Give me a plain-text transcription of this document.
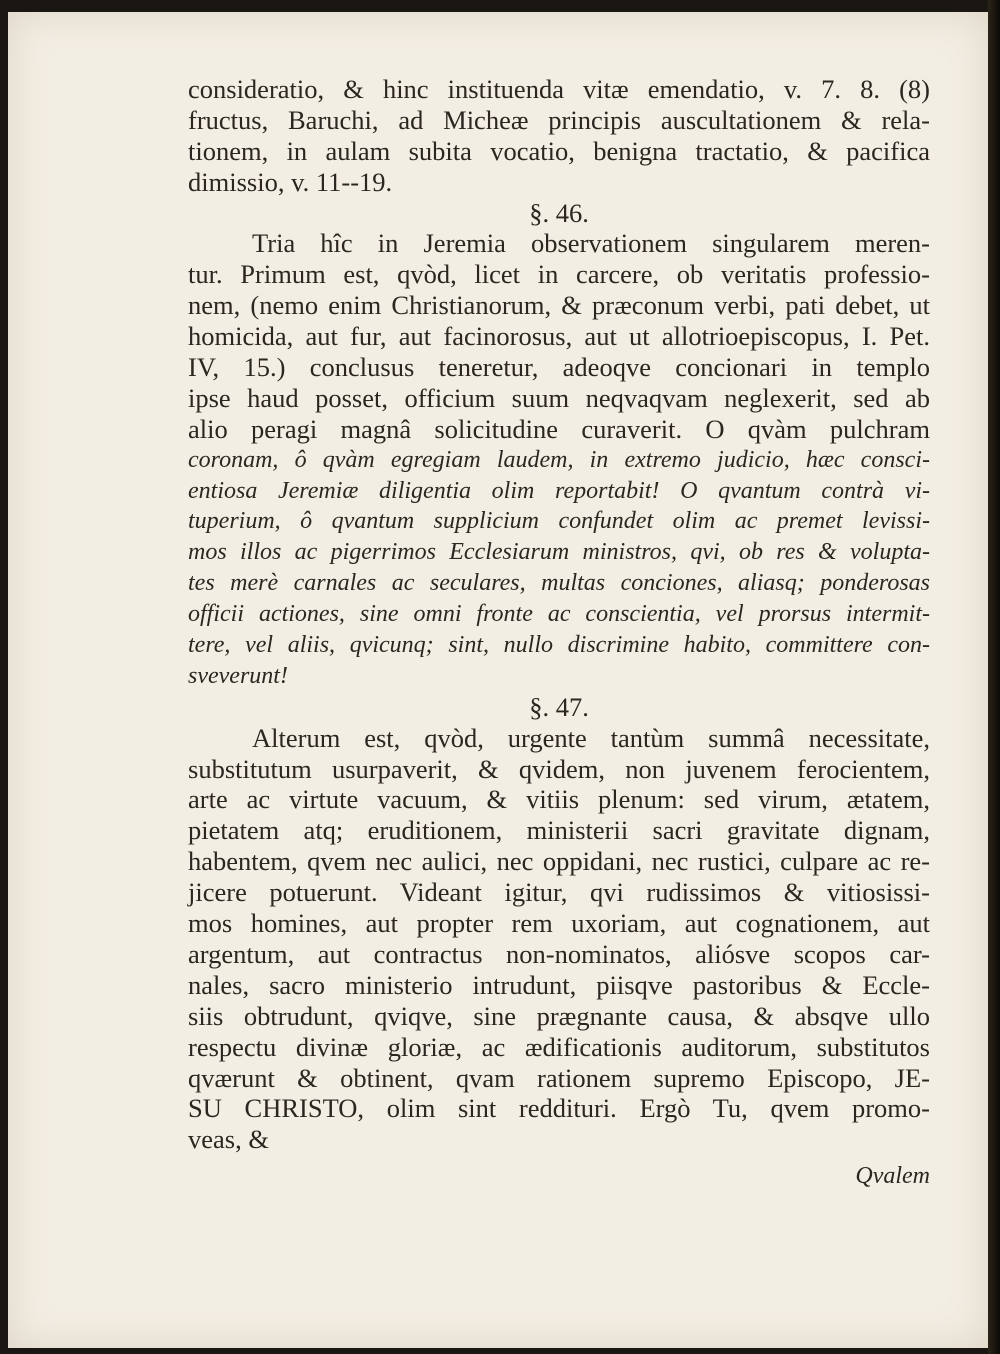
consideratio, & hinc instituenda vitæ emendatio, v. 7. 8. (8)
fructus, Baruchi, ad Micheæ principis auscultationem & rela-
tionem, in aulam subita vocatio, benigna tractatio, & pacifica
dimissio, v. 11--19.
§. 46.
Tria hîc in Jeremia observationem singularem meren-
tur. Primum est, qvòd, licet in carcere, ob veritatis professio-
nem, (nemo enim Christianorum, & præconum verbi, pati debet, ut
homicida, aut fur, aut facinorosus, aut ut allotrioepiscopus, I. Pet.
IV, 15.) conclusus teneretur, adeoqve concionari in templo
ipse haud posset, officium suum neqvaqvam neglexerit, sed ab
alio peragi magnâ solicitudine curaverit. O qvàm pulchram
coronam, ô qvàm egregiam laudem, in extremo judicio, hæc consci-
entiosa Jeremiæ diligentia olim reportabit! O qvantum contrà vi-
tuperium, ô qvantum supplicium confundet olim ac premet levissi-
mos illos ac pigerrimos Ecclesiarum ministros, qvi, ob res & volupta-
tes merè carnales ac seculares, multas conciones, aliasq; ponderosas
officii actiones, sine omni fronte ac conscientia, vel prorsus intermit-
tere, vel aliis, qvicunq; sint, nullo discrimine habito, committere con-
sveverunt!
§. 47.
Alterum est, qvòd, urgente tantùm summâ necessitate,
substitutum usurpaverit, & qvidem, non juvenem ferocientem,
arte ac virtute vacuum, & vitiis plenum: sed virum, ætatem,
pietatem atq; eruditionem, ministerii sacri gravitate dignam,
habentem, qvem nec aulici, nec oppidani, nec rustici, culpare ac re-
jicere potuerunt. Videant igitur, qvi rudissimos & vitiosissi-
mos homines, aut propter rem uxoriam, aut cognationem, aut
argentum, aut contractus non-nominatos, aliósve scopos car-
nales, sacro ministerio intrudunt, piisqve pastoribus & Eccle-
siis obtrudunt, qviqve, sine prægnante causa, & absqve ullo
respectu divinæ gloriæ, ac ædificationis auditorum, substitutos
qværunt & obtinent, qvam rationem supremo Episcopo, JE-
SU CHRISTO, olim sint reddituri. Ergò Tu, qvem promo-
veas, &
Qvalem
